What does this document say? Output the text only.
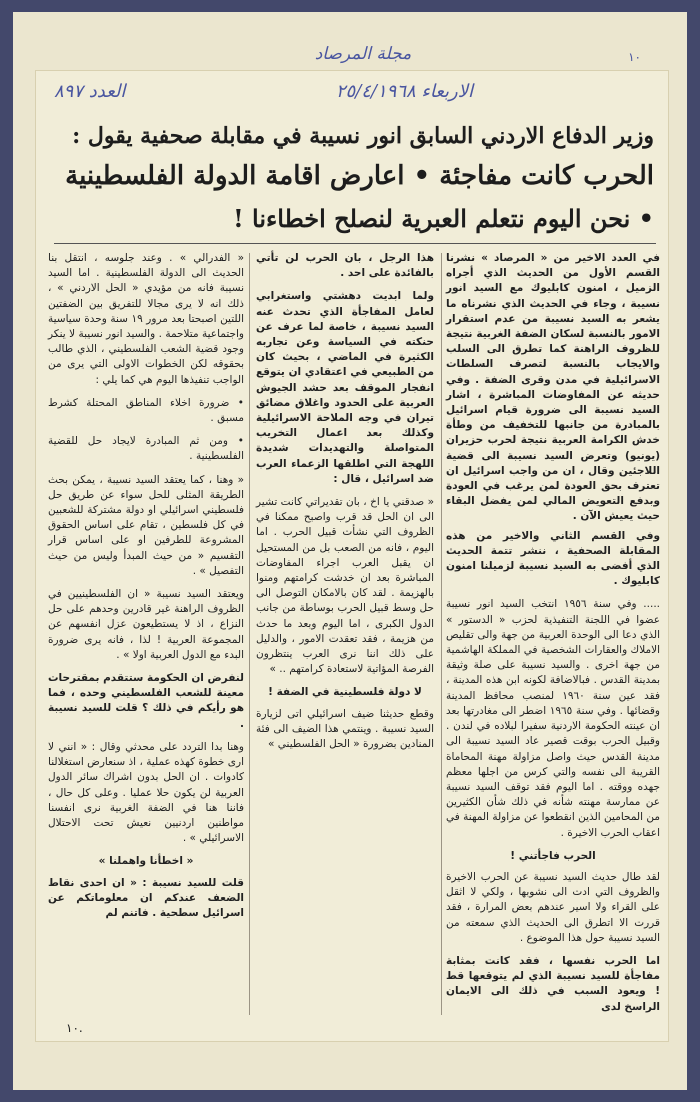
مجلة المرصاد	١٠
الاربعاء ٢٥/٤/١٩٦٨
العدد ٨٩٧
وزير الدفاع الاردني السابق انور نسيبة في مقابلة صحفية يقول :
الحرب كانت مفاجئة • اعارض اقامة الدولة الفلسطينية
• نحن اليوم نتعلم العبرية لنصلح اخطاءنا !
في العدد الاخير من « المرصاد » نشرنا القسم الأول من الحديث الذي أجراه الزميل ، امنون كابليوك مع السيد انور نسيبة ، وجاء في الحديث الذي نشرناه ما يشعر به السيد نسيبة من عدم استقرار الامور بالنسبة لسكان الضفة الغربية نتيجة للظروف الراهنة كما تطرق الى السلب والايجاب بالنسبة لتصرف السلطات الاسرائيلية في مدن وقرى الضفة . وفي حديثه عن المفاوضات المباشرة ، اشار السيد نسيبة الى ضرورة قيام اسرائيل بالمبادرة من جانبها للتخفيف من وطأة خدش الكرامة العربية نتيجة لحرب حزيران (يونيو) وتعرض السيد نسيبة الى قضية اللاجئين وقال ، ان من واجب اسرائيل ان تعترف بحق العودة لمن يرغب في العودة وبدفع التعويض المالي لمن يفضل البقاء حيث يعيش الآن .
وفي القسم الثاني والاخير من هذه المقابلة الصحفية ، ننشر تتمة الحديث الذي أفضى به السيد نسيبة لزميلنا امنون كابليوك .

..... وفي سنة ١٩٥٦ انتخب السيد انور نسيبة عضوا في اللجنة التنفيذية لحزب « الدستور » الذي دعا الى الوحدة العربية من جهة والى تقليص الاملاك والعقارات الشخصية في المملكة الهاشمية من جهة اخرى . والسيد نسيبة على صلة وثيقة بمدينة القدس . فبالاضافة لكونه ابن هذه المدينة ، فقد عين سنة ١٩٦٠ لمنصب محافظ المدينة وقضائها . وفي سنة ١٩٦٥ اضطر الى مغادرتها بعد ان عينته الحكومة الاردنية سفيرا لبلاده في لندن . وقبيل الحرب بوقت قصير عاد السيد نسيبة الى مدينة القدس حيث واصل مزاولة مهنة المحاماة القريبة الى نفسه والتي كرس من اجلها معظم جهده ووقته . اما اليوم فقد توقف السيد نسيبة عن ممارسة مهنته شأنه في ذلك شأن الكثيرين من المحامين الذين انقطعوا عن مزاولة المهنة في اعقاب الحرب الاخيرة .

الحرب فاجأتني !

لقد طال حديث السيد نسيبة عن الحرب الاخيرة والظروف التي ادت الى نشوبها ، ولكي لا اثقل على القراء ولا اسير عندهم بعض المرارة ، فقد قررت الا اتطرق الى الحديث الذي سمعته من السيد نسيبة حول هذا الموضوع .

اما الحرب نفسها ، فقد كانت بمثابة مفاجأة للسيد نسيبة الذي لم يتوقعها قط ! ويعود السبب في ذلك الى الايمان الراسخ لدى

هذا الرجل ، بان الحرب لن تأتي بالفائدة على احد .

ولما ابديت دهشتي واستغرابي لعامل المفاجأة الذي تحدث عنه السيد نسيبة ، خاصة لما عرف عن حنكته في السياسة وعن تجاربه الكثيرة في الماضي ، بحيث كان من الطبيعي في اعتقادي ان يتوقع انفجار الموقف بعد حشد الجيوش العربية على الحدود واغلاق مضائق تيران في وجه الملاحة الاسرائيلية وكذلك بعد اعمال التخريب المتواصلة والتهديدات شديدة اللهجة التي اطلقها الزعماء العرب ضد اسرائيل ، قال :

« صدقني يا اخ ، بان تقديراتي كانت تشير الى ان الحل قد قرب واصبح ممكنا في الظروف التي نشأت قبيل الحرب . اما اليوم ، فانه من الصعب بل من المستحيل ان يقبل العرب اجراء المفاوضات المباشرة بعد ان خدشت كرامتهم ومنوا بالهزيمة . لقد كان بالامكان التوصل الى حل وسط قبيل الحرب بوساطة من جانب الدول الكبرى ، اما اليوم وبعد ما حدث من هزيمة ، فقد تعقدت الامور ، والدليل على ذلك اننا نرى العرب ينتظرون الفرصة المؤاتية لاستعادة كرامتهم .. »

لا دولة فلسطينية في الضفة !

وقطع حديثنا ضيف اسرائيلي اتى لزيارة السيد نسيبة . وينتمي هذا الضيف الى فئة المنادين بضرورة « الحل الفلسطيني »

« الفدرالي » . وعند جلوسه ، انتقل بنا الحديث الى الدولة الفلسطينية . اما السيد نسيبة فانه من مؤيدي « الحل الاردني » ، ذلك انه لا يرى مجالا للتفريق بين الضفتين اللتين اصبحتا بعد مرور ١٩ سنة وحدة سياسية واجتماعية متلاحمة . والسيد انور نسيبة لا ينكر وجود قضية الشعب الفلسطيني ، الذي طالب بحقوقه لكن الخطوات الاولى التي يرى من الواجب تنفيذها اليوم هي كما يلي :

• ضرورة اخلاء المناطق المحتلة كشرط مسبق .

• ومن ثم المبادرة لايجاد حل للقضية الفلسطينية .

« وهنا ، كما يعتقد السيد نسيبة ، يمكن بحث الطريقة المثلى للحل سواء عن طريق حل فلسطيني اسرائيلي او دولة مشتركة للشعبين في كل فلسطين ، تقام على اساس الحقوق المشروعة للطرفين او على اساس قرار التقسيم « من حيث المبدأ وليس من حيث التفصيل » .

ويعتقد السيد نسيبة « ان الفلسطينيين في الظروف الراهنة غير قادرين وحدهم على حل النزاع ، اذ لا يستطيعون عزل انفسهم عن المجموعة العربية ! لذا ، فانه يرى ضرورة البدء مع الدول العربية اولا » .

لنفرض ان الحكومة ستتقدم بمقترحات معينة للشعب الفلسطيني وحده ، فما هو رأيكم في ذلك ؟ قلت للسيد نسيبة .

وهنا بدا التردد على محدثي وقال : « انني لا ارى خطوة كهذه عملية ، اذ سنعارض استغلالنا كادوات . ان الحل بدون اشراك سائر الدول العربية لن يكون حلا عمليا . وعلى كل حال ، فاننا هنا في الضفة الغربية نرى انفسنا مواطنين اردنيين نعيش تحت الاحتلال الاسرائيلي » .

« اخطأنا واهملنا »

قلت للسيد نسيبة : « ان احدى نقاط الضعف عندكم ان معلوماتكم عن اسرائيل سطحية . فاتنم لم

١٠.
